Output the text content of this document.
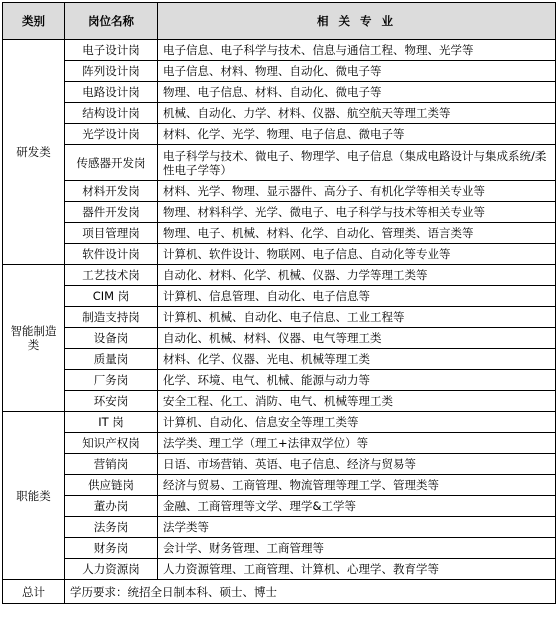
类别	岗位名称	相 关 专 业
研发类	电子设计岗	电子信息、电子科学与技术、信息与通信工程、物理、光学等
	阵列设计岗	电子信息、材料、物理、自动化、微电子等
	电路设计岗	物理、电子信息、材料、自动化、微电子等
	结构设计岗	机械、自动化、力学、材料、仪器、航空航天等理工类等
	光学设计岗	材料、化学、光学、物理、电子信息、微电子等
	传感器开发岗	电子科学与技术、微电子、物理学、电子信息（集成电路设计与集成系统/柔性电子学等）
	材料开发岗	材料、光学、物理、显示器件、高分子、有机化学等相关专业等
	器件开发岗	物理、材料科学、光学、微电子、电子科学与技术等相关专业等
	项目管理岗	物理、电子、机械、材料、化学、自动化、管理类、语言类等
	软件设计岗	计算机、软件设计、物联网、电子信息、自动化等专业等
智能制造类	工艺技术岗	自动化、材料、化学、机械、仪器、力学等理工类等
	CIM 岗	计算机、信息管理、自动化、电子信息等
	制造支持岗	计算机、机械、自动化、电子信息、工业工程等
	设备岗	自动化、机械、材料、仪器、电气等理工类
	质量岗	材料、化学、仪器、光电、机械等理工类
	厂务岗	化学、环境、电气、机械、能源与动力等
	环安岗	安全工程、化工、消防、电气、机械等理工类
职能类	IT 岗	计算机、自动化、信息安全等理工类等
	知识产权岗	法学类、理工学（理工+法律双学位）等
	营销岗	日语、市场营销、英语、电子信息、经济与贸易等
	供应链岗	经济与贸易、工商管理、物流管理等理工学、管理类等
	董办岗	金融、工商管理等文学、理学&工学等
	法务岗	法学类等
	财务岗	会计学、财务管理、工商管理等
	人力资源岗	人力资源管理、工商管理、计算机、心理学、教育学等
总计	学历要求：统招全日制本科、硕士、博士	
